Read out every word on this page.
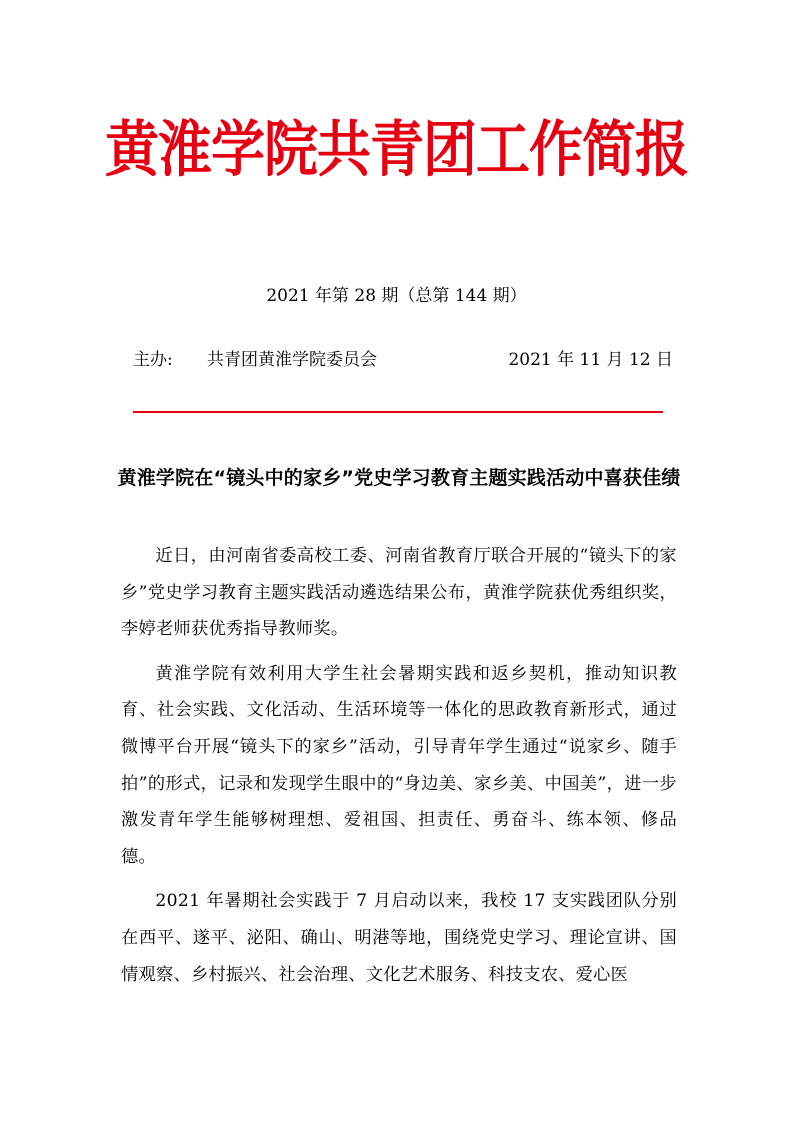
黄淮学院共青团工作简报
2021 年第 28 期（总第 144 期）
主办: 共青团黄淮学院委员会	2021 年 11 月 12 日
黄淮学院在“镜头中的家乡”党史学习教育主题实践活动中喜获佳绩

近日，由河南省委高校工委、河南省教育厅联合开展的“镜头下的家乡”党史学习教育主题实践活动遴选结果公布，黄淮学院获优秀组织奖，李婷老师获优秀指导教师奖。

黄淮学院有效利用大学生社会暑期实践和返乡契机，推动知识教育、社会实践、文化活动、生活环境等一体化的思政教育新形式，通过微博平台开展“镜头下的家乡”活动，引导青年学生通过“说家乡、随手拍”的形式，记录和发现学生眼中的“身边美、家乡美、中国美”，进一步激发青年学生能够树理想、爱祖国、担责任、勇奋斗、练本领、修品德。

2021 年暑期社会实践于 7 月启动以来，我校 17 支实践团队分别在西平、遂平、泌阳、确山、明港等地，围绕党史学习、理论宣讲、国情观察、乡村振兴、社会治理、文化艺术服务、科技支农、爱心医
